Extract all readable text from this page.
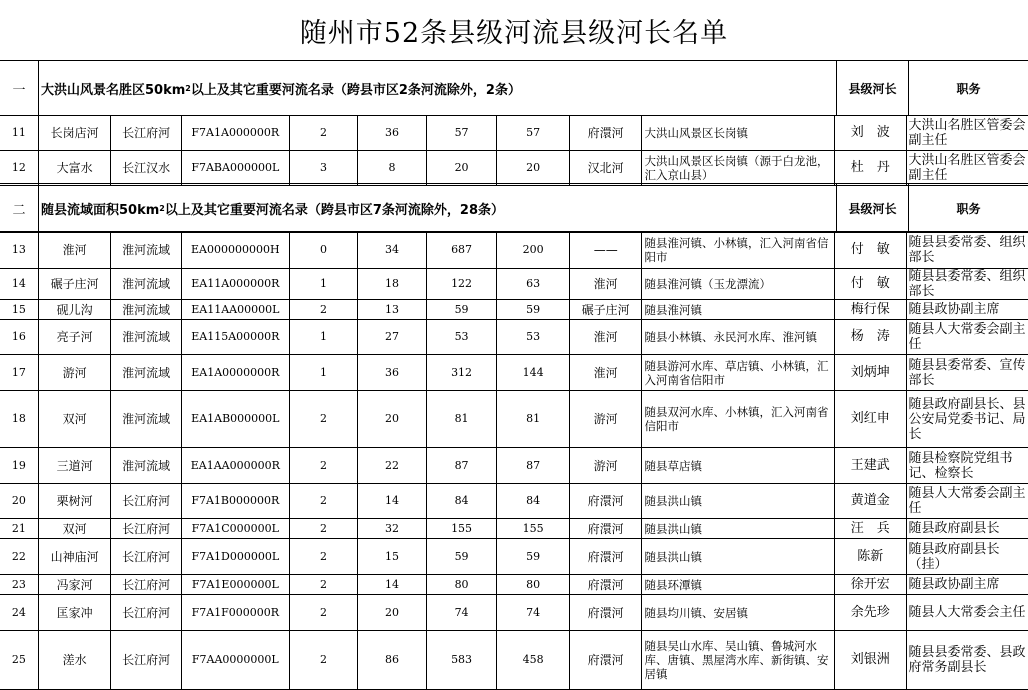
随州市52条县级河流县级河长名单
一	大洪山风景名胜区50km 2 以上及其它重要河流名录（跨县市区2条河流除外，2条）	县级河长	职务
11	长岗店河	长江府河	F7A1A000000R	2	36	57	57	府澴河	大洪山风景区长岗镇	刘　波	大洪山名胜区管委会副主任
12	大富水	长江汉水	F7ABA000000L	3	8	20	20	汉北河	大洪山风景区长岗镇（源于白龙池，汇入京山县）	杜　丹	大洪山名胜区管委会副主任
二	随县流域面积50km 2 以上及其它重要河流名录（跨县市区7条河流除外，28条）	县级河长	职务
13	淮河	淮河流域	EA000000000H	0	34	687	200	——	随县淮河镇、小林镇，汇入河南省信阳市	付　敏	随县县委常委、组织部长
14	碾子庄河	淮河流域	EA11A000000R	1	18	122	63	淮河	随县淮河镇（玉龙漂流）	付　敏	随县县委常委、组织部长
15	砚儿沟	淮河流域	EA11AA00000L	2	13	59	59	碾子庄河	随县淮河镇	梅行保	随县政协副主席
16	亮子河	淮河流域	EA115A00000R	1	27	53	53	淮河	随县小林镇、永民河水库、淮河镇	杨　涛	随县人大常委会副主任
17	游河	淮河流域	EA1A0000000R	1	36	312	144	淮河	随县游河水库、草店镇、小林镇，汇入河南省信阳市	刘炳坤	随县县委常委、宣传部长
18	双河	淮河流域	EA1AB000000L	2	20	81	81	游河	随县双河水库、小林镇，汇入河南省信阳市	刘红申	随县政府副县长、县公安局党委书记、局长
19	三道河	淮河流域	EA1AA000000R	2	22	87	87	游河	随县草店镇	王建武	随县检察院党组书记、检察长
20	栗树河	长江府河	F7A1B000000R	2	14	84	84	府澴河	随县洪山镇	黄道金	随县人大常委会副主任
21	双河	长江府河	F7A1C000000L	2	32	155	155	府澴河	随县洪山镇	汪　兵	随县政府副县长
22	山神庙河	长江府河	F7A1D000000L	2	15	59	59	府澴河	随县洪山镇	陈新	随县政府副县长（挂）
23	冯家河	长江府河	F7A1E000000L	2	14	80	80	府澴河	随县环潭镇	徐开宏	随县政协副主席
24	匡家冲	长江府河	F7A1F000000R	2	20	74	74	府澴河	随县均川镇、安居镇	余先珍	随县人大常委会主任
25	溠水	长江府河	F7AA0000000L	2	86	583	458	府澴河	随县吴山水库、吴山镇、鲁城河水库、唐镇、黑屋湾水库、新街镇、安居镇	刘银洲	随县县委常委、县政府常务副县长
